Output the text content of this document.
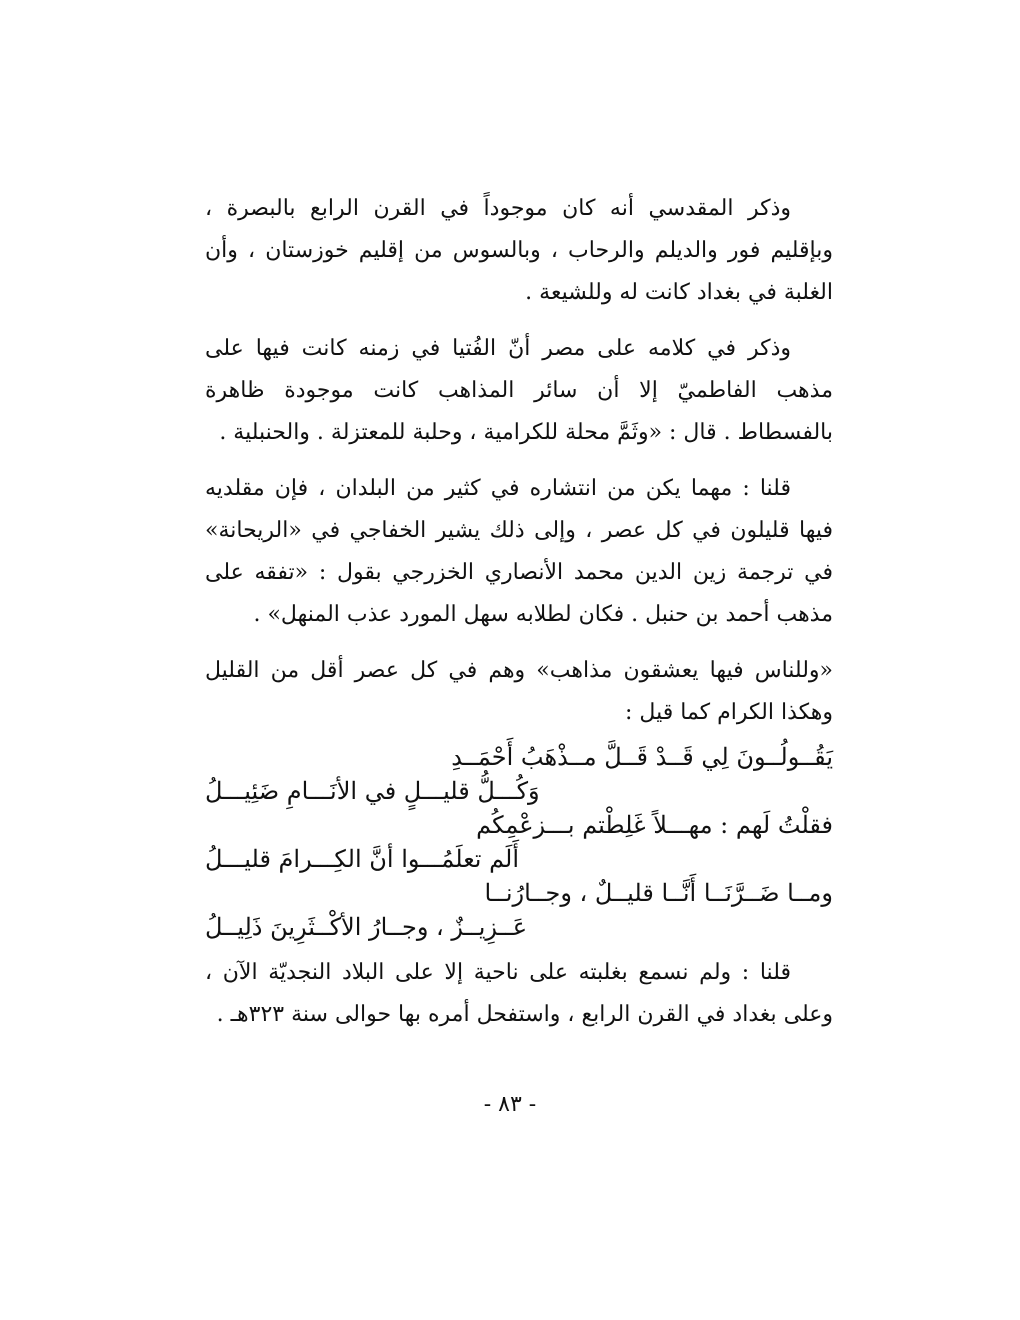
وذكر المقدسي أنه كان موجوداً في القرن الرابع بالبصرة ، وبإقليم فور والديلم والرحاب ، وبالسوس من إقليم خوزستان ، وأن الغلبة في بغداد كانت له وللشيعة .

وذكر في كلامه على مصر أنّ الفُتيا في زمنه كانت فيها على مذهب الفاطميّ إلا أن سائر المذاهب كانت موجودة ظاهرة بالفسطاط . قال : «وثَمَّ محلة للكرامية ، وحلبة للمعتزلة . والحنبلية .

قلنا : مهما يكن من انتشاره في كثير من البلدان ، فإن مقلديه فيها قليلون في كل عصر ، وإلى ذلك يشير الخفاجي في «الريحانة» في ترجمة زين الدين محمد الأنصاري الخزرجي بقول : «تفقه على مذهب أحمد بن حنبل . فكان لطلابه سهل المورد عذب المنهل» .

«وللناس فيها يعشقون مذاهب» وهم في كل عصر أقل من القليل وهكذا الكرام كما قيل :

يَقُــولُــونَ لِي قَــدْ قَــلَّ مــذْهَبُ أَحْمَــدِ
وَكُـــلُّ قليـــلٍ في الأنَـــامِ ضَئِيـــلُ
فقلْتُ لَهم : مهـــلاً غَلِطْتم بـــزعْمِكُم
أَلَم تعلَمُـــوا أنَّ الكِـــرامَ قليـــلُ
ومــا ضَــرَّنَــا أَنَّــا قليــلٌ ، وجــارُنــا
عَــزِيــزٌ ، وجــارُ الأكْــثَرِينَ ذَلِيــلُ

قلنا : ولم نسمع بغلبته على ناحية إلا على البلاد النجديّة الآن ، وعلى بغداد في القرن الرابع ، واستفحل أمره بها حوالى سنة ٣٢٣هـ .

- ٨٣ -
